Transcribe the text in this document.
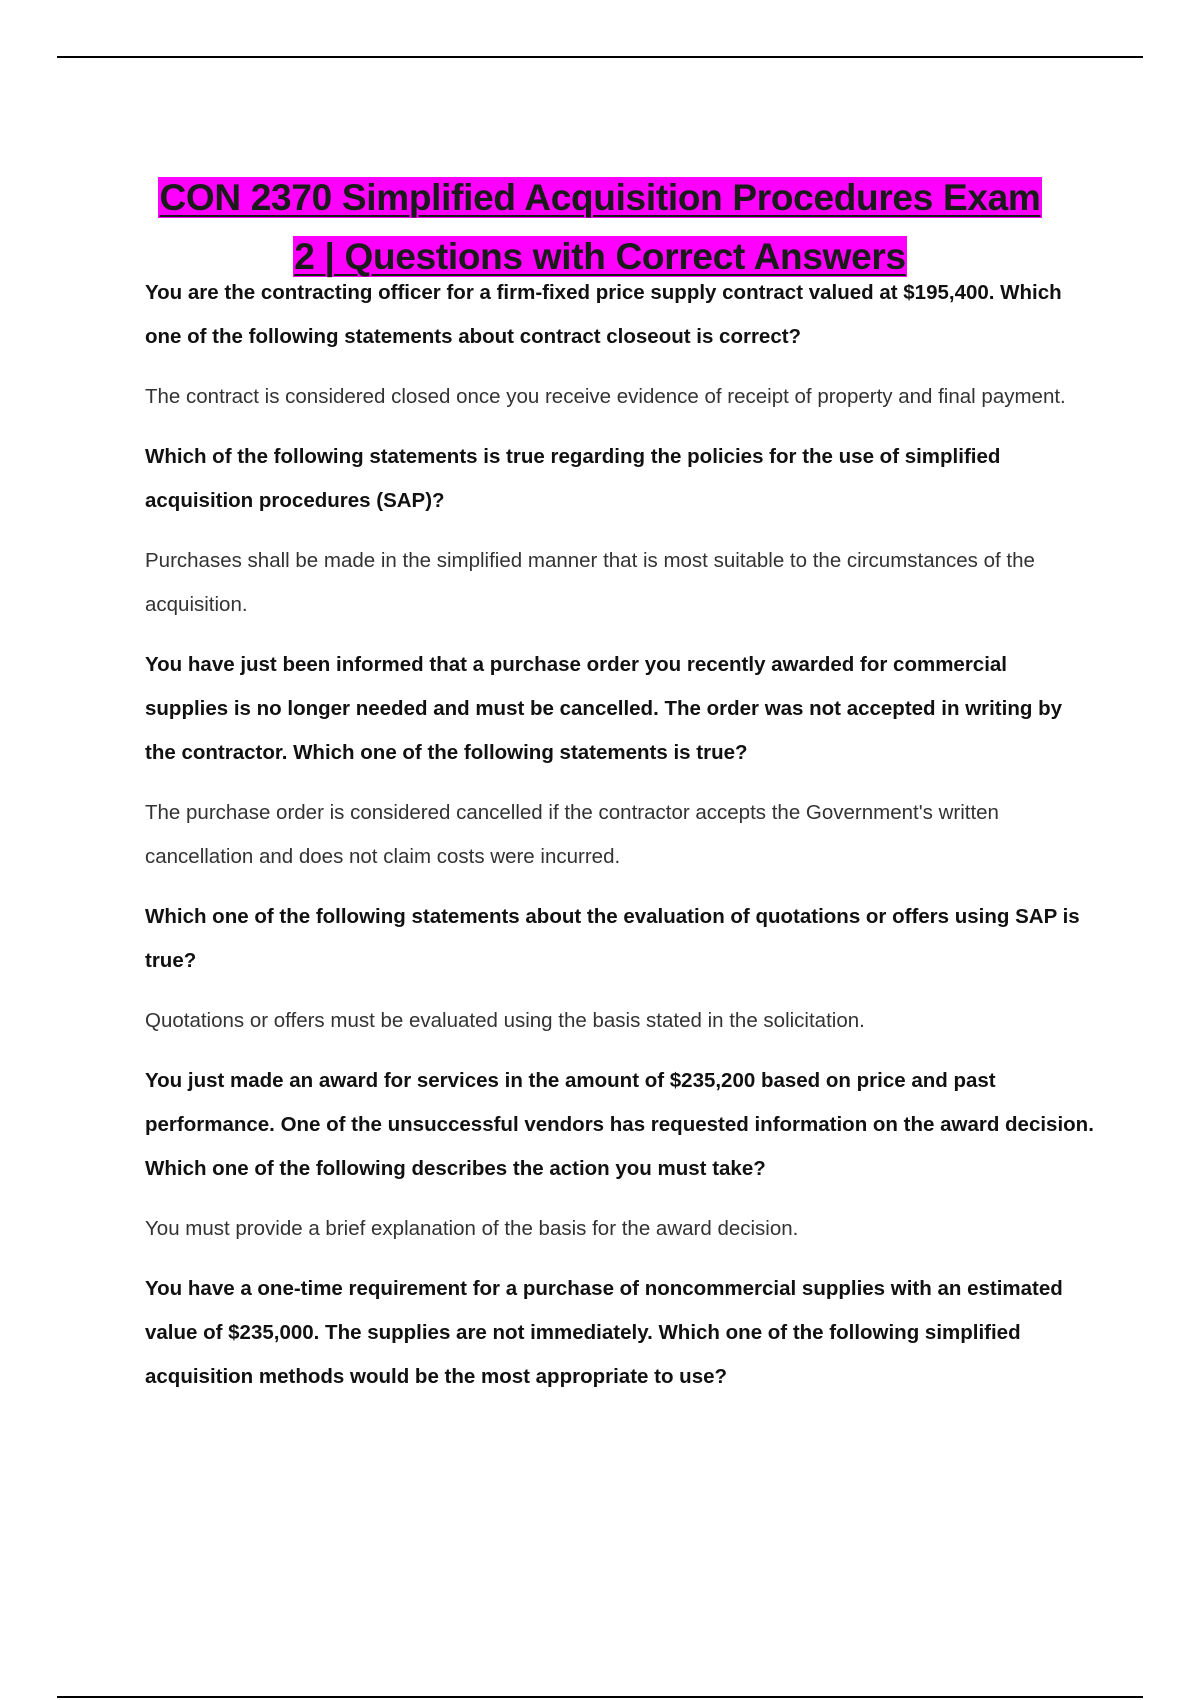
CON 2370 Simplified Acquisition Procedures Exam
2 | Questions with Correct Answers

You are the contracting officer for a firm-fixed price supply contract valued at $195,400. Which one of the following statements about contract closeout is correct?

The contract is considered closed once you receive evidence of receipt of property and final payment.

Which of the following statements is true regarding the policies for the use of simplified acquisition procedures (SAP)?

Purchases shall be made in the simplified manner that is most suitable to the circumstances of the acquisition.

You have just been informed that a purchase order you recently awarded for commercial supplies is no longer needed and must be cancelled. The order was not accepted in writing by the contractor. Which one of the following statements is true?

The purchase order is considered cancelled if the contractor accepts the Government's written cancellation and does not claim costs were incurred.

Which one of the following statements about the evaluation of quotations or offers using SAP is true?

Quotations or offers must be evaluated using the basis stated in the solicitation.

You just made an award for services in the amount of $235,200 based on price and past performance. One of the unsuccessful vendors has requested information on the award decision. Which one of the following describes the action you must take?

You must provide a brief explanation of the basis for the award decision.

You have a one-time requirement for a purchase of noncommercial supplies with an estimated value of $235,000. The supplies are not immediately. Which one of the following simplified acquisition methods would be the most appropriate to use?
